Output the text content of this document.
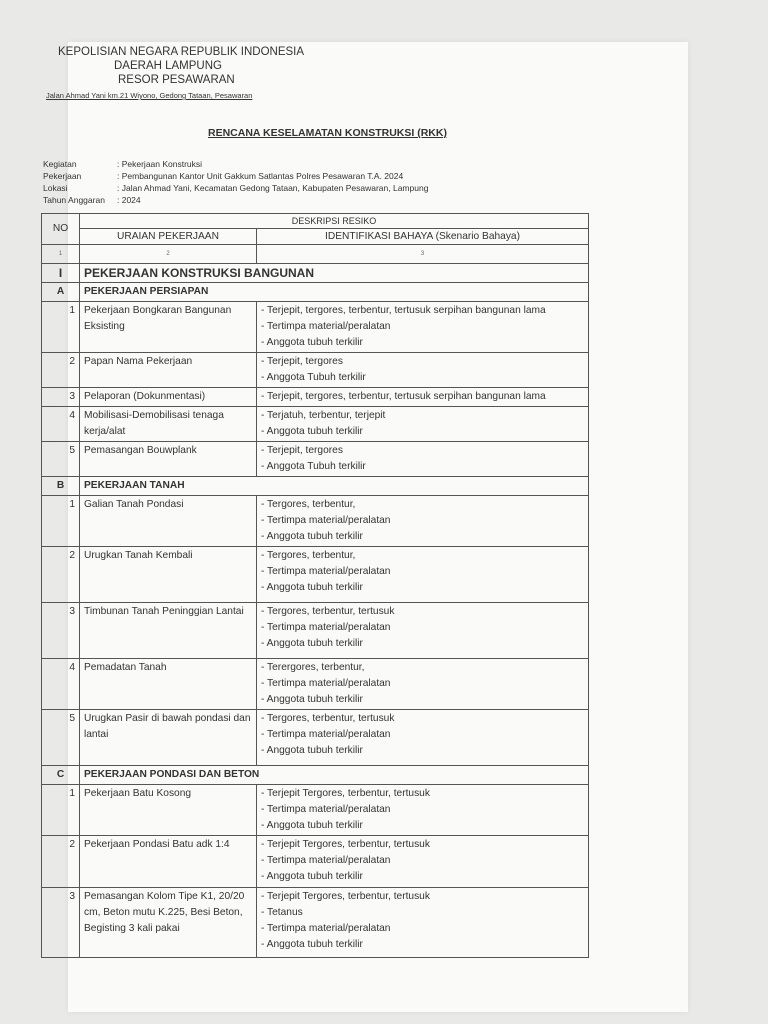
KEPOLISIAN NEGARA REPUBLIK INDONESIA
DAERAH LAMPUNG
RESOR PESAWARAN
Jalan Ahmad Yani km.21 Wiyono, Gedong Tataan, Pesawaran
RENCANA KESELAMATAN KONSTRUKSI (RKK)
Kegiatan	: Pekerjaan Konstruksi
Pekerjaan	: Pembangunan Kantor Unit Gakkum Satlantas Polres Pesawaran T.A. 2024
Lokasi	: Jalan Ahmad Yani, Kecamatan Gedong Tataan, Kabupaten Pesawaran, Lampung
Tahun Anggaran	: 2024
NO	DESKRIPSI RESIKO	
	URAIAN PEKERJAAN	IDENTIFIKASI BAHAYA (Skenario Bahaya)
1	2	3
I	PEKERJAAN KONSTRUKSI BANGUNAN	
A	PEKERJAAN PERSIAPAN	
1	Pekerjaan Bongkaran Bangunan Eksisting	- Terjepit, tergores, terbentur, tertusuk serpihan bangunan lama
- Tertimpa material/peralatan
- Anggota tubuh terkilir

2	Papan Nama Pekerjaan	- Terjepit, tergores
- Anggota Tubuh terkilir

3	Pelaporan (Dokunmentasi)	- Terjepit, tergores, terbentur, tertusuk serpihan bangunan lama

4	Mobilisasi-Demobilisasi tenaga kerja/alat	- Terjatuh, terbentur, terjepit
- Anggota tubuh terkilir

5	Pemasangan Bouwplank	- Terjepit, tergores
- Anggota Tubuh terkilir

B	PEKERJAAN TANAH	
1	Galian Tanah Pondasi	- Tergores, terbentur,
- Tertimpa material/peralatan
- Anggota tubuh terkilir

2	Urugkan Tanah Kembali	- Tergores, terbentur,
- Tertimpa material/peralatan
- Anggota tubuh terkilir

3	Timbunan Tanah Peninggian Lantai	- Tergores, terbentur, tertusuk
- Tertimpa material/peralatan
- Anggota tubuh terkilir

4	Pemadatan Tanah	- Terergores, terbentur,
- Tertimpa material/peralatan
- Anggota tubuh terkilir

5	Urugkan Pasir di bawah pondasi dan lantai	- Tergores, terbentur, tertusuk
- Tertimpa material/peralatan
- Anggota tubuh terkilir

C	PEKERJAAN PONDASI DAN BETON	
1	Pekerjaan Batu Kosong	- Terjepit Tergores, terbentur, tertusuk
- Tertimpa material/peralatan
- Anggota tubuh terkilir

2	Pekerjaan Pondasi Batu adk 1:4	- Terjepit Tergores, terbentur, tertusuk
- Tertimpa material/peralatan
- Anggota tubuh terkilir

3	Pemasangan Kolom Tipe K1, 20/20 cm, Beton mutu K.225, Besi Beton, Begisting 3 kali pakai	- Terjepit Tergores, terbentur, tertusuk
- Tetanus
- Tertimpa material/peralatan
- Anggota tubuh terkilir
